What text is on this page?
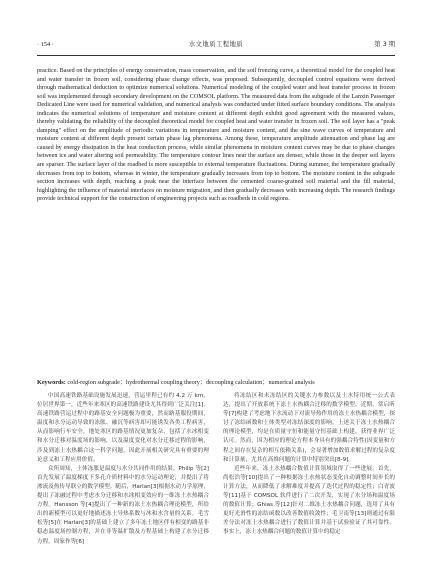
· 154 ·	水文地质工程地质	第 3 期
practice. Based on the principles of energy conservation, mass conservation, and the soil freezing curve, a theoretical model for the coupled heat and water transfer in frozen soil, considering phase change effects, was proposed. Subsequently, decoupled control equations were derived through mathematical deduction to optimize numerical solutions. Numerical modeling of the coupled water and heat transfer process in frozen soil was implemented through secondary development on the COMSOL platform. The measured data from the subgrade of the Lanxin Passenger Dedicated Line were used for numerical validation, and numerical analysis was conducted under fitted surface boundary conditions. The analysis indicates the numerical solutions of temperature and moisture content at different depth exhibit good agreement with the measured values, thereby validating the reliability of the decoupled theoretical model for coupled heat and water transfer in frozen soil. The soil layer has a "peak damping" effect on the amplitude of periodic variations in temperature and moisture content, and the sine wave curves of temperature and moisture content at different depth present certain phase lag phenomena. Among these, temperature amplitude attenuation and phase lag are caused by energy dissipation in the heat conduction process, while similar phenomena in moisture content curves may be due to phase changes between ice and water altering soil permeability. The temperature contour lines near the surface are denser, while those in the deeper soil layers are sparser. The surface layer of the roadbed is more susceptible to external temperature fluctuations. During summer, the temperature gradually decreases from top to bottom, whereas in winter, the temperature gradually increases from top to bottom. The moisture content in the subgrade section increases with depth, reaching a peak near the interface between the cemented coarse-grained soil material and the fill material, highlighting the influence of material interfaces on moisture migration, and then gradually decreases with increasing depth. The research findings provide technical support for the construction of engineering projects such as roadbeds in cold regions.
Keywords: cold-region subgrade；hydrothermal coupling theory；decoupling calculation；numerical analysis

中国高速铁路基础设施发展迅速，营运里程已有约 4.2 万 km，位居世界第一，近些年来寒区的高速铁路建设尤其得到广泛关注[1]。高速铁路营运过程中的路基安全问题极为重要，然而路基服役期间，温度和水分运动导致的冻胀、融沉等病害却可能诱发各类工程病害，从而影响行车安全。地处寒区的路基情况更加复杂，包括了水冰相变和水分迁移对温度场的影响，以及温度变化对水分迁移过程的影响，涉及到冻土水热耦合这一科学问题，因此开展相关研究具有重要的理论意义和工程应用价值。

众所周知，土体冻胀是温度与水分共同作用的结果。Philip 等[2]首先发展了温度梯度下多孔介质材料中的水分运动理论，并提出了将渗流及热传导联立的数学模型。随后，Harlan[3]根据水动力学原理，提出了冻融过程中考虑水分迁移和水冰相变效应的一维冻土水热耦合方程。Hansson 等[4]提出了一种新的冻土水热耦合理论模型，所给出的新模型可以更好地描述冻土导热系数与冰和水含量的关系。毛雪松等[5]在 Harlan[3]的基础上建立了多年冻土地区伴有相变的路基非稳态温度场控制方程，并在非等温扩散及方程基础上构建了水分迁移方程。周家作等[6]

将冻结区和未冻结区的关键水力参数以及土水特用统一公式表达，提出了开放系统下冻土水热耦合迁移的数学模型。近期，常启昕等[7]构建了考虑地下水流动下对流导热作用的冻土水热耦合模型，探讨了冻结函数和土体类型对冻结深度的影响。上述关于冻土水热耦合的理论模型，均是在质量守恒和能量守恒基础上构建，获得业界广泛认可。然而，因为相应的理论方程本身具有的强耦合特性(因变量和方程之间存在复杂的相互依赖关系)，会显著增加数值求解过程的复杂度和计算量，尤其在高维问题的计算中特别突出[8-9]。

近些年来，冻土水热耦合数值计算领域取得了一些进展。首先，尚松浩等[10]提出了一种根据冻土水热状态变化自动调整时间步长的计算方法，从而降低了求解难度并提高了迭代过程的稳定性；白青波等[11]基于 COMSOL 软件进行了二次开发，实现了水分场和温度场的数值计算；Ghias 等[12]针对二维冻土水热耦合问题，选用了具有更好光滑性的冻结函数以改善数值收敛性；毛卫南等[13]则通过有限差分法对冻土水热耦合进行了数值计算并基于试验验证了其可靠性。事实上，冻土水热耦合问题的数值计算中的稳定
